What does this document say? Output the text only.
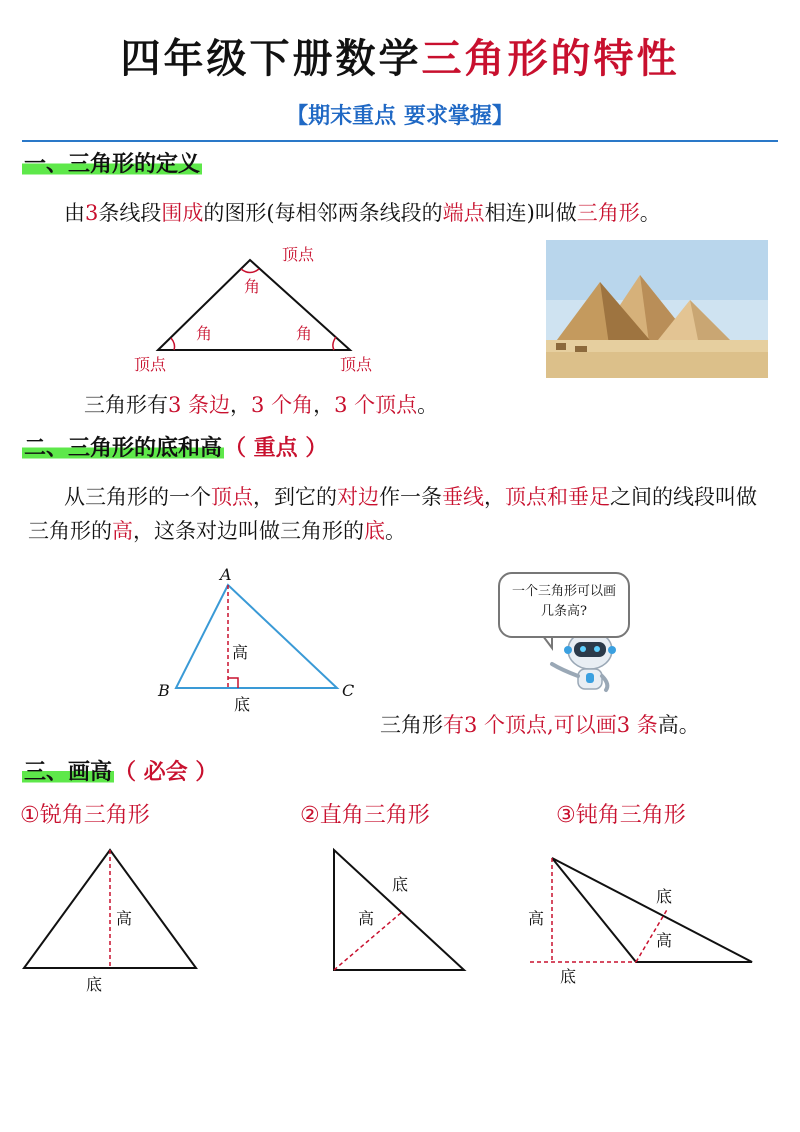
四年级下册数学三角形的特性
【期末重点 要求掌握】
一、三角形的定义
由3条线段围成的图形(每相邻两条线段的端点相连)叫做三角形。
顶点
角
角	角
顶点	顶点
三角形有3 条边，3 个角，3 个顶点。
二、三角形的底和高（ 重点 ）
从三角形的一个顶点，到它的对边作一条垂线，顶点和垂足之间的线段叫做三角形的高，这条对边叫做三角形的底。
A
B	C
高
底
一个三角形可以画几条高?
三角形有3 个顶点,可以画3 条高。
三、画高（ 必会 ）
①锐角三角形	②直角三角形	③钝角三角形
高
底
底
高	高
底
底
高
